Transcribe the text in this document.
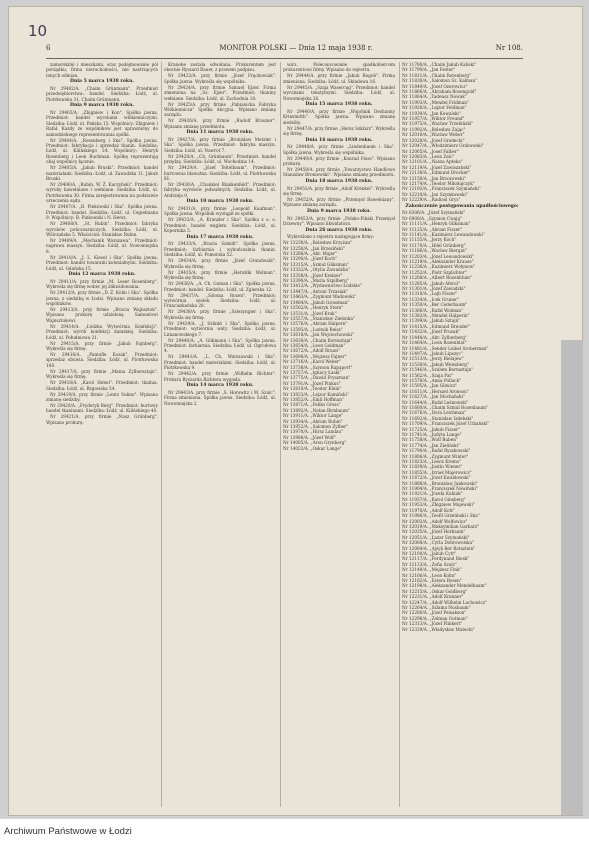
10
6	MONITOR POLSKI — Dnia 12 maja 1938 r.	Nr 108.

zamorskimi i mieszkami, oraz podejmowanie pól porządku; firma nieruchomości, nie nastrzących innych odmian.

Dnia 5 marca 1938 roku.

Nr 29402/A. „Chaim Grünmann". Przedmiot przedsiębiorstwa: handel. Siedziba: Łódź, ul. Piotrkowska 31. Chaim Grünmann.

Dnia 9 marca 1938 roku.

Nr 29403/A. „Zbigniew i Kon". Spółka jawna. Przedmiot: handel wyrobami włókienniczymi. Siedziba: Łódź, ul. Pańska 15. Wspólnicy: Zbigniew i Rafał. Każdy ze wspólników jest uprawniony do samodzielnego reprezentowania spółki.

Nr 29404/A. „Rosenberg i Ska". Spółka jawna. Przedmiot: fabrykacja i sprzedaż tkanin. Siedziba: Łódź, ul. Kilińskiego 24. Wspólnicy: Henryk Rosenberg i Leon Buchman. Spółkę reprezentują obaj wspólnicy łącznie.

Nr 29405/A. „Jakub Bruski". Przedmiot: handel materiałami. Siedziba: Łódź, ul. Zawadzka 11. Jakub Bruski.

Nr 29406/A. „Rubin, W. Ż. Kuczyński". Przedmiot: wyroby bawełniane i wełniane. Siedziba: Łódź, ul. Piotrkowska 30. Firma zarejestrowana na podstawie orzeczenia sądu.

Nr 29407/A. „B. Pinkowski i Ska". Spółka jawna. Przedmiot: handel. Siedziba: Łódź, ul. Cegielniana 9. Wspólnicy: B. Pinkowski i N. Hersz.

Nr 29408/A. „St. Rubin". Przedmiot: fabryka wyrobów pończoszniczych. Siedziba: Łódź, ul. Wólczańska 5. Właściciel: Stanisław Rubin.

Nr 29409/A. „Mechanik Warszawa". Przedmiot: naprawa maszyn. Siedziba: Łódź, ul. Nowomiejska 8.

Nr 29410/A. „J. L. Kiesel i Ska". Spółka jawna. Przedmiot: handel towarami kolonialnymi. Siedziba: Łódź, ul. Gdańska 15.

Dnia 12 marca 1938 roku.

Nr 29411/A. przy firmie „M. Leser Rosenberg". Wykreśla się firmę wobec jej zlikwidowania.

Nr 29412/A. przy firmie „D. Ż. Kohn i Ska". Spółka jawna, z siedzibą w Łodzi. Wpisano zmianę składu wspólników.

Nr 29413/A. przy firmie „Bracia Wajnsztok". Wpisano prokurę udzieloną Samuelowi Wajnsztokowi.

Nr 29414/A. „Łódzka Wytwórnia Konfekcji". Przedmiot: wyrób konfekcji damskiej. Siedziba: Łódź, ul. Południowa 21.

Nr 29415/A. przy firmie „Jakub Fajnberg". Wykreśla się firmę.

Nr 29416/A. „Pantofle Kozak". Przedmiot: sprzedaż obuwia. Siedziba: Łódź, ul. Piotrkowska 108.

Nr 29417/A. przy firmie „Mania Zylbersztajn". Wykreśla się firmę.

Nr 29418/A. „Karol Hebel". Przedmiot: tkalnia. Siedziba: Łódź, ul. Rzgowska 54.

Nr 29419/A. przy firmie „Lentz Sukno". Wpisano zmianę siedziby.

Nr 29420/A. „Fryderyk Berg". Przedmiot: hurtowy handel tkaninami. Siedziba: Łódź, ul. Kilińskiego 40.

Nr 29421/A. przy firmie „Nasz Grünberg". Wpisano prokurę.

Kranebe została odwołana. Prokurentem jest obecnie Ryszard Bauer, z prawem podpisu.

Nr 29422/A. przy firmie „Józef Frąckowiak". Spółka jawna. Wykreśla się wspólnika.

Nr 29424/A. przy firmie Szmuel Ejzer. Firma zmieniona na „Sz. Ejzer". Przedmiot: tkaniny wełniane. Siedziba: Łódź, ul. Zachodnia 18.

Nr 29425/A. przy firmie „Pabianicka Fabryka Włókiennicza" Spółka Akcyjna. Wpisano zmianę zarządu.

Nr 29426/A. przy firmie „Rudolf Brauner". Wpisano zmianę przedmiotu.

Dnia 11 marca 1938 roku.

Nr 29427/A. przy firmie „Bronisław Metzler i Ska". Spółka jawna. Przedmiot: fabryka maszyn. Siedziba: Łódź, ul. Nawrot 7.

Nr 29428/A. „Ch. Grünbaum". Przedmiot: handel przędzą. Siedziba: Łódź, ul. Wschodnia 14.

Nr 29429/A. „Józef Teitelbaum". Przedmiot: hurtownia bławatna. Siedziba: Łódź, ul. Piotrkowska 81.

Nr 29430/A. „Chunkiel Blankenfeld". Przedmiot: fabryka wyrobów jedwabnych. Siedziba: Łódź, ul. Andrzeja 9.

Dnia 10 marca 1938 roku.

Nr 29431/A. przy firmie „Leopold Kaufman". Spółka jawna. Wspólnik wystąpił ze spółki.

Nr 29432/A. „A. Kranzler i Ska". Spółka z o. o. Przedmiot: handel węglem. Siedziba: Łódź, ul. Kopernika 5.

Dnia 17 marca 1938 roku.

Nr 29433/A. „Bracia Szmidt". Spółka jawna. Przedmiot: farbiarnia i wykończalnia tkanin. Siedziba: Łódź, ul. Pomorska 52.

Nr 29434/A. przy firmie „Józef Grundwald". Wykreśla się firmę.

Nr 29435/A. przy firmie „Herszlik Wolman". Wykreśla się firmę.

Nr 29436/A. „A. Ch. Goman i Ska". Spółka jawna. Przedmiot: handel. Siedziba: Łódź, ul. Zgierska 12.

Nr 29437/A. „Szloma Rozen". Przedmiot: wytwórnia szelek. Siedziba: Łódź, ul. Franciszkańska 28.

Nr 29438/A. przy firmie „Szlezyngier i Ska". Wykreśla się firmę.

Nr 29439/A. „J. Szlinkt i Ska". Spółka jawna. Przedmiot: wytwórnia waty. Siedziba: Łódź, ul. Limanowskiego 7.

Nr 29440/A. „A. Glikmann i Ska". Spółka jawna. Przedmiot: farbiarnia. Siedziba: Łódź, ul. Ogrodowa 4.

Nr 29441/A. „L. Ch. Warszawski i Ska". Przedmiot: handel materiałami. Siedziba: Łódź, ul. Piotrkowska 9.

Nr 29442/A. przy firmie „Wilhelm Richter". Prokura Ryszarda Richtera wygasła.

Dnia 14 marca 1938 roku.

Nr 29443/A. przy firmie „S. Horowitz i M. Szulc". Firma zmieniona. Spółka jawna. Siedziba: Łódź, ul. Nowomiejska 2.

wicz. Poleconcowanie spadkobiercom prokurentowi firmy. Wpisano do rejestru.

Nr 29444/A. przy firmie „Jakub Rogoń". Firma zmieniona. Siedziba: Łódź, ul. Składowa 16.

Nr 29445/A. „Szaja Wasercug". Przedmiot: handel wyrobami tekstylnymi. Siedziba: Łódź, ul. Nowomiejska 26.

Dnia 15 marca 1938 roku.

Nr 29446/A. przy firmie „Wspólnik Deshanny Krinsmitth". Spółka jawna. Wpisano zmianę siedziby.

Nr 29447/A. przy firmie „Hersz Szklarz". Wykreśla się firmę.

Dnia 16 marca 1938 roku.

Nr 29448/A. przy firmie „Lindenbaum i Ska". Spółka jawna. Wykreśla się wspólnika.

Nr 29449/A. przy firmie „Konrad Feiss". Wpisano prokurę.

Nr 29450/A. przy firmie „Towarzystwo Handlowe Stanisław Broniewski". Wpisano zmianę przedmiotu.

Dnia 18 marca 1938 roku.

Nr 29451/A. przy firmie „Adolf Krenkel". Wykreśla się firmę.

Nr 29452/A. przy firmie „Przemysł Bawełniany". Wpisano zmianę zarządu.

Dnia 9 marca 1938 roku.

Nr 29453/A. przy firmie „Polsko-Fiński Przemysł Drzewny". Wpisano likwidatora.

Dnia 26 marca 1938 roku.

Wykreślone z rejestru następujące firmy:

Nr 13230/A. „Bolesław Krzyżan"

Nr 13250/A. „Jan Brzeziński"

Nr 13266/A. „Abr. Majer"

Nr 13290/A. „Józef Koch"

Nr 13315/A. „Szmul Gliksman"

Nr 13332/A. „Otylia Zawadzka"

Nr 13358/A. „Józef Kreiner"

Nr 13390/A. „Maria Szpilberg"

Nr 13412/A. „Wydawnictwo Łódzkie"

Nr 13447/A. „Antoni Trzasiak"

Nr 13463/A. „Zygmunt Wadowski"

Nr 13484/A. „Jakub Grossman"

Nr 13502/A. „Henryk Stern"

Nr 13531/A. „Józef Kruk"

Nr 13557/A. „Stanisław Zielonka"

Nr 13576/A. „Abram Halpern"

Nr 13595/A. „Ludwik Reiss"

Nr 13618/A. „Jan Wojciechowski"

Nr 13639/A. „Chaim Bornsztajn"

Nr 13654/A. „Leon Goldman"

Nr 13672/A. „Adolf Braun"

Nr 13690/A. „Mojżesz Fajner"

Nr 13716/A. „Karol Weber"

Nr 13738/A. „Szymon Rapaport"

Nr 13757/A. „Ignacy Łaski"

Nr 13775/A. „Dawid Fryszman"

Nr 13791/A. „Józef Pinkus"

Nr 13810/A. „Teodor Klein"

Nr 13833/A. „Lejzor Kamiński"

Nr 13852/A. „Emil Hoffman"

Nr 13871/A. „Feliks Gross"

Nr 13892/A. „Natan Birnbaum"

Nr 13911/A. „Wiktor Lange"

Nr 13934/A. „Abram Rubin"

Nr 13952/A. „Salomon Zylber"

Nr 13970/A. „Hirsz Landau"

Nr 13988/A. „Józef Wolf"

Nr 14005/A. „Aron Grynberg"

Nr 14023/A. „Oskar Lange"

Nr 11780/A. „Chaim Jakub Kaliski"

Nr 11790/A. „Jan Fester"

Nr 11811/A. „Chaim Rotenberg"

Nr 11830/A. „Salomon Sz. Kalman"

Nr 11849/A. „Józef Ozerowicz"

Nr 11866/A. „Abraham Rosengold"

Nr 11884/A. „Tadeusz Nowak"

Nr 11903/A. „Mendel Fridman"

Nr 11920/A. „Lejzor Feldman"

Nr 11939/A. „Jan Kowalski"

Nr 11957/A. „Wiktor Freund"

Nr 11975/A. „Wacław Trzebiński"

Nr 11992/A. „Bolesław Zając"

Nr 12010/A. „Wacław Weber"

Nr 12028/A. „Józef Grodecki"

Nr 12047/A. „Włodzimierz Grabowski"

Nr 12065/A. „Josef Falber"

Nr 12083/A. „Leon Zalc"

Nr 12101/A. „Nasza Apteka"

Nr 12119/A. „Józef Zawiszański"

Nr 12138/A. „Edmund Drucker"

Nr 12156/A. „Jan Brzozowski"

Nr 12174/A. „Teodor Mikołajczyk"

Nr 12192/A. „Franciszek Szymański"

Nr 12210/A. „Jan Szymkowski"

Nr 12229/A. „Radiosl Grys"

Zakończenie postępowania upadłościowego:

Nr 6306/A. „Józef Szymański"

Nr 6900/A. „Szymon Cwajg"

Nr 11111/A. „Henryk Gliksman"

Nr 11125/A. „Abram Fiszer"

Nr 11141/A. „Kazimierz Lewandowski"

Nr 11155/A. „Jerzy Koch"

Nr 11170/A. „Hilel Grünberg"

Nr 11186/A. „Wacław Biergut"

Nr 11203/A. „Józef Lewandowski"

Nr 11219/A. „Aleksander Krause"

Nr 11236/A. „Kazimierz Wołynow"

Nr 11252/A. „Piotr Szplichter"

Nr 11268/A. „Albert Rozenblum"

Nr 11285/A. „Jakub Aferol"

Nr 11301/A. „Józef Zawadzki"

Nr 11318/A. „Lejb Fiszer"

Nr 11334/A. „Icek Gruner"

Nr 11350/A. „Ber Cederbaum"

Nr 11366/A. „Rafał Wolman"

Nr 11383/A. „Mendel Halperin"

Nr 11399/A. „Jakub Sztajn"

Nr 11415/A. „Edmund Breuder"

Nr 11432/A. „Józef Prusak"

Nr 11448/A. „Abr. Zylberberg"

Nr 11464/A. „Leon Rozenblat"

Nr 11481/A. „Sender Leibel Sroberman"

Nr 11497/A. „Jakub Lipszyc"

Nr 11513/A. „Jerzy Bielajew"

Nr 11530/A. „Jakub Weissberg"

Nr 11546/A. „Szulem Bornsztajn"

Nr 11562/A. „Szaja Pat"

Nr 11578/A. „Anna Pollack"

Nr 11595/A. „Jan Gliwicz"

Nr 11611/A. „Herszel Aronson"

Nr 11627/A. „Jan Mochański"

Nr 11644/A. „Rafał Leśnowski"

Nr 11660/A. „Chaim Szmul Rozenbaum"

Nr 11676/A. „Dora Leichman"

Nr 11692/A. „Stanisław Izdebski"

Nr 11709/A. „Franciszek Józef Urbański"

Nr 11725/A. „Jakub Fiszer"

Nr 11741/A. „Judyta Lange"

Nr 11758/A. „Wolf Ruben"

Nr 11774/A. „Jan Zieliński"

Nr 11790/A. „Rafał Ryszkowski"

Nr 11806/A. „Zygmunt Winter"

Nr 11823/A. „Lewis Krems"

Nr 11839/A. „Justin Wiener"

Nr 11855/A. „Izrael Majerowicz"

Nr 11872/A. „Józef Ewaldowski"

Nr 11888/A. „Bronisław Jankowski"

Nr 11904/A. „Franciszek Nowiński"

Nr 11921/A. „Józefa Kubiak"

Nr 11937/A. „Karol Ginsberg"

Nr 11953/A. „Zbigniew Majewski"

Nr 11970/A. „Adolf Kott"

Nr 11986/A. „Teofil Grzelinski i Ska"

Nr 12002/A. „Adolf Wolfowicz"

Nr 12019/A. „Maksymilian Garbarz"

Nr 12035/A. „Józef Horbaum"

Nr 12051/A. „Łazar Szymański"

Nr 12068/A. „Cyrla Dobrowolska"

Nr 12084/A. „Ajzyk Ber Rotsztein"

Nr 12100/A. „Jakub Cytr"

Nr 12117/A. „Ferdynand Biesk"

Nr 12133/A. „Zofia Szulc"

Nr 12149/A. „Mojżesz Fink"

Nr 12166/A. „Leon Kohn"

Nr 12182/A. „Estera Rosen"

Nr 12198/A. „Aleksander Mendelbaum"

Nr 12215/A. „Oskar Goldberg"

Nr 12231/A. „Adolf Kranner"

Nr 12247/A. „Adolf Wilhelm Lachowicz"

Nr 12264/A. „Szlama Nusbaum"

Nr 12280/A. „Józef Peisakson"

Nr 12296/A. „Zelman Gutman"

Nr 12313/A. „Józef Flinkert"

Nr 12329/A. „Władysław Matecki"

Archiwum Państwowe w Łodzi
